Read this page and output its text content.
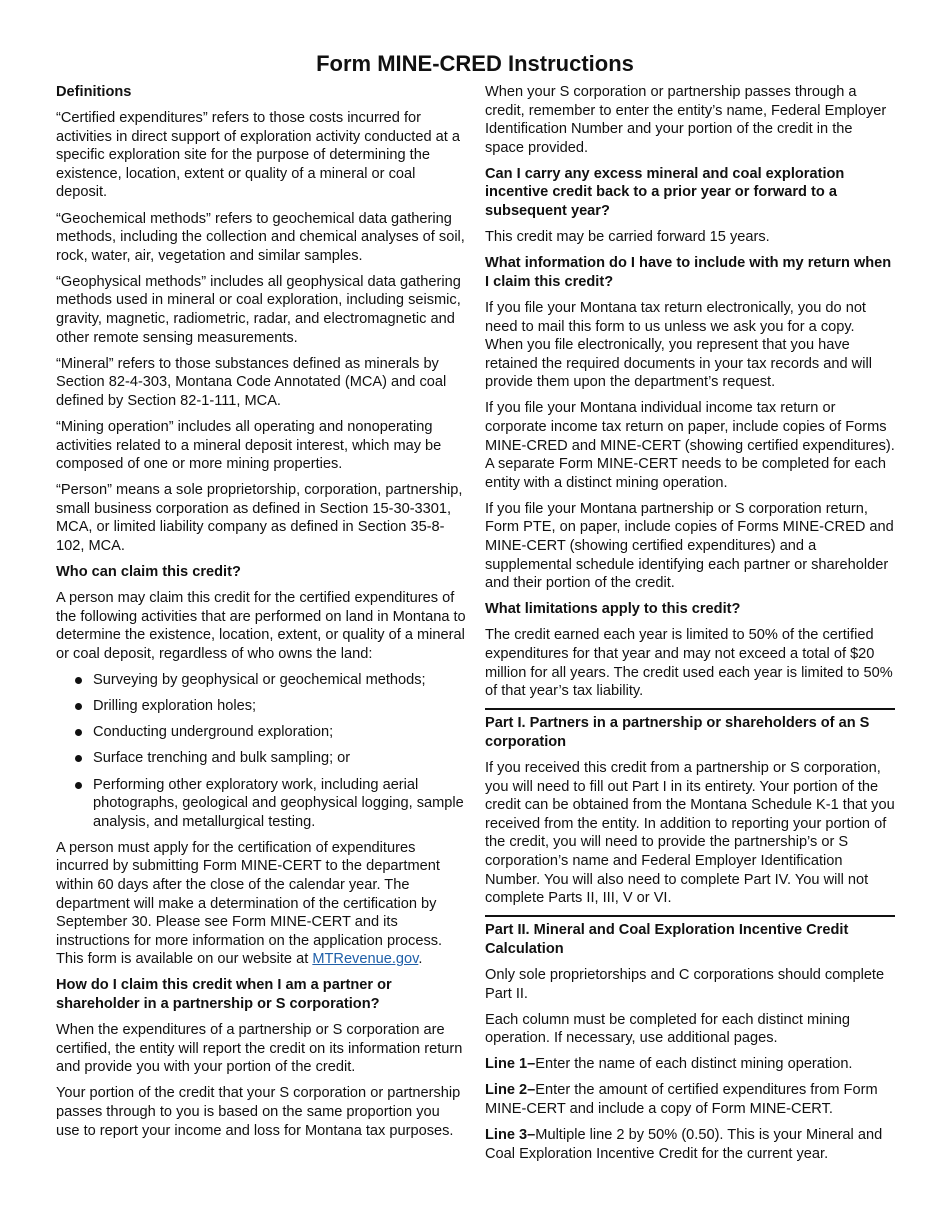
Form MINE-CRED Instructions
Definitions

“Certified expenditures” refers to those costs incurred for activities in direct support of exploration activity conducted at a specific exploration site for the purpose of determining the existence, location, extent or quality of a mineral or coal deposit.

“Geochemical methods” refers to geochemical data gathering methods, including the collection and chemical analyses of soil, rock, water, air, vegetation and similar samples.

“Geophysical methods” includes all geophysical data gathering methods used in mineral or coal exploration, including seismic, gravity, magnetic, radiometric, radar, and electromagnetic and other remote sensing measurements.

“Mineral” refers to those substances defined as minerals by Section 82-4-303, Montana Code Annotated (MCA) and coal defined by Section 82-1-111, MCA.

“Mining operation” includes all operating and nonoperating activities related to a mineral deposit interest, which may be composed of one or more mining properties.

“Person” means a sole proprietorship, corporation, partnership, small business corporation as defined in Section 15-30-3301, MCA, or limited liability company as defined in Section 35-8-102, MCA.

Who can claim this credit?

A person may claim this credit for the certified expenditures of the following activities that are performed on land in Montana to determine the existence, location, extent, or quality of a mineral or coal deposit, regardless of who owns the land:

Surveying by geophysical or geochemical methods;
Drilling exploration holes;
Conducting underground exploration;
Surface trenching and bulk sampling; or
Performing other exploratory work, including aerial photographs, geological and geophysical logging, sample analysis, and metallurgical testing.

A person must apply for the certification of expenditures incurred by submitting Form MINE-CERT to the department within 60 days after the close of the calendar year. The department will make a determination of the certification by September 30. Please see Form MINE-CERT and its instructions for more information on the application process. This form is available on our website at MTRevenue.gov.

How do I claim this credit when I am a partner or shareholder in a partnership or S corporation?

When the expenditures of a partnership or S corporation are certified, the entity will report the credit on its information return and provide you with your portion of the credit.

Your portion of the credit that your S corporation or partnership passes through to you is based on the same proportion you use to report your income and loss for Montana tax purposes.

When your S corporation or partnership passes through a credit, remember to enter the entity’s name, Federal Employer Identification Number and your portion of the credit in the space provided.

Can I carry any excess mineral and coal exploration incentive credit back to a prior year or forward to a subsequent year?

This credit may be carried forward 15 years.

What information do I have to include with my return when I claim this credit?

If you file your Montana tax return electronically, you do not need to mail this form to us unless we ask you for a copy. When you file electronically, you represent that you have retained the required documents in your tax records and will provide them upon the department’s request.

If you file your Montana individual income tax return or corporate income tax return on paper, include copies of Forms MINE-CRED and MINE-CERT (showing certified expenditures). A separate Form MINE-CERT needs to be completed for each entity with a distinct mining operation.

If you file your Montana partnership or S corporation return, Form PTE, on paper, include copies of Forms MINE-CRED and MINE-CERT (showing certified expenditures) and a supplemental schedule identifying each partner or shareholder and their portion of the credit.

What limitations apply to this credit?

The credit earned each year is limited to 50% of the certified expenditures for that year and may not exceed a total of $20 million for all years. The credit used each year is limited to 50% of that year’s tax liability.

Part I. Partners in a partnership or shareholders of an S corporation

If you received this credit from a partnership or S corporation, you will need to fill out Part I in its entirety. Your portion of the credit can be obtained from the Montana Schedule K-1 that you received from the entity. In addition to reporting your portion of the credit, you will need to provide the partnership’s or S corporation’s name and Federal Employer Identification Number. You will also need to complete Part IV. You will not complete Parts II, III, V or VI.

Part II. Mineral and Coal Exploration Incentive Credit Calculation

Only sole proprietorships and C corporations should complete Part II.

Each column must be completed for each distinct mining operation. If necessary, use additional pages.

Line 1–Enter the name of each distinct mining operation.

Line 2–Enter the amount of certified expenditures from Form MINE-CERT and include a copy of Form MINE-CERT.

Line 3–Multiple line 2 by 50% (0.50). This is your Mineral and Coal Exploration Incentive Credit for the current year.
